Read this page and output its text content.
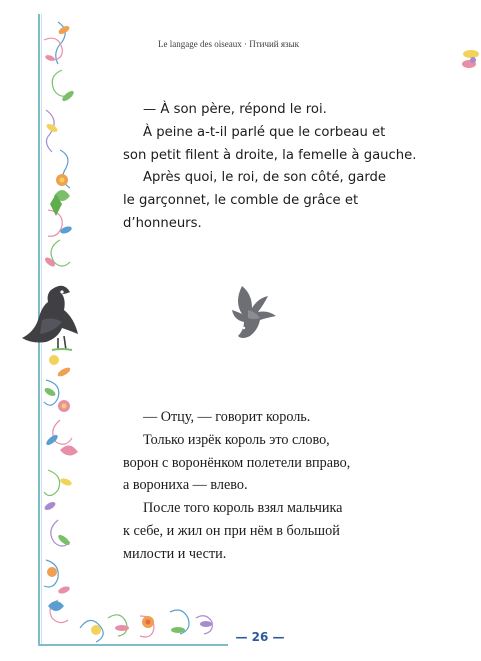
Le langage des oiseaux · Птичий язык
— À son père, répond le roi.
À peine a-t-il parlé que le corbeau et
son petit filent à droite, la femelle à gauche.
Après quoi, le roi, de son côté, garde
le garçonnet, le comble de grâce et
d’honneurs.
— Отцу, — говорит король.
Только изрёк король это слово,
ворон с воронёнком полетели вправо,
а ворониха — влево.
После того король взял мальчика
к себе, и жил он при нём в большой
милости и чести.
— 26 —
